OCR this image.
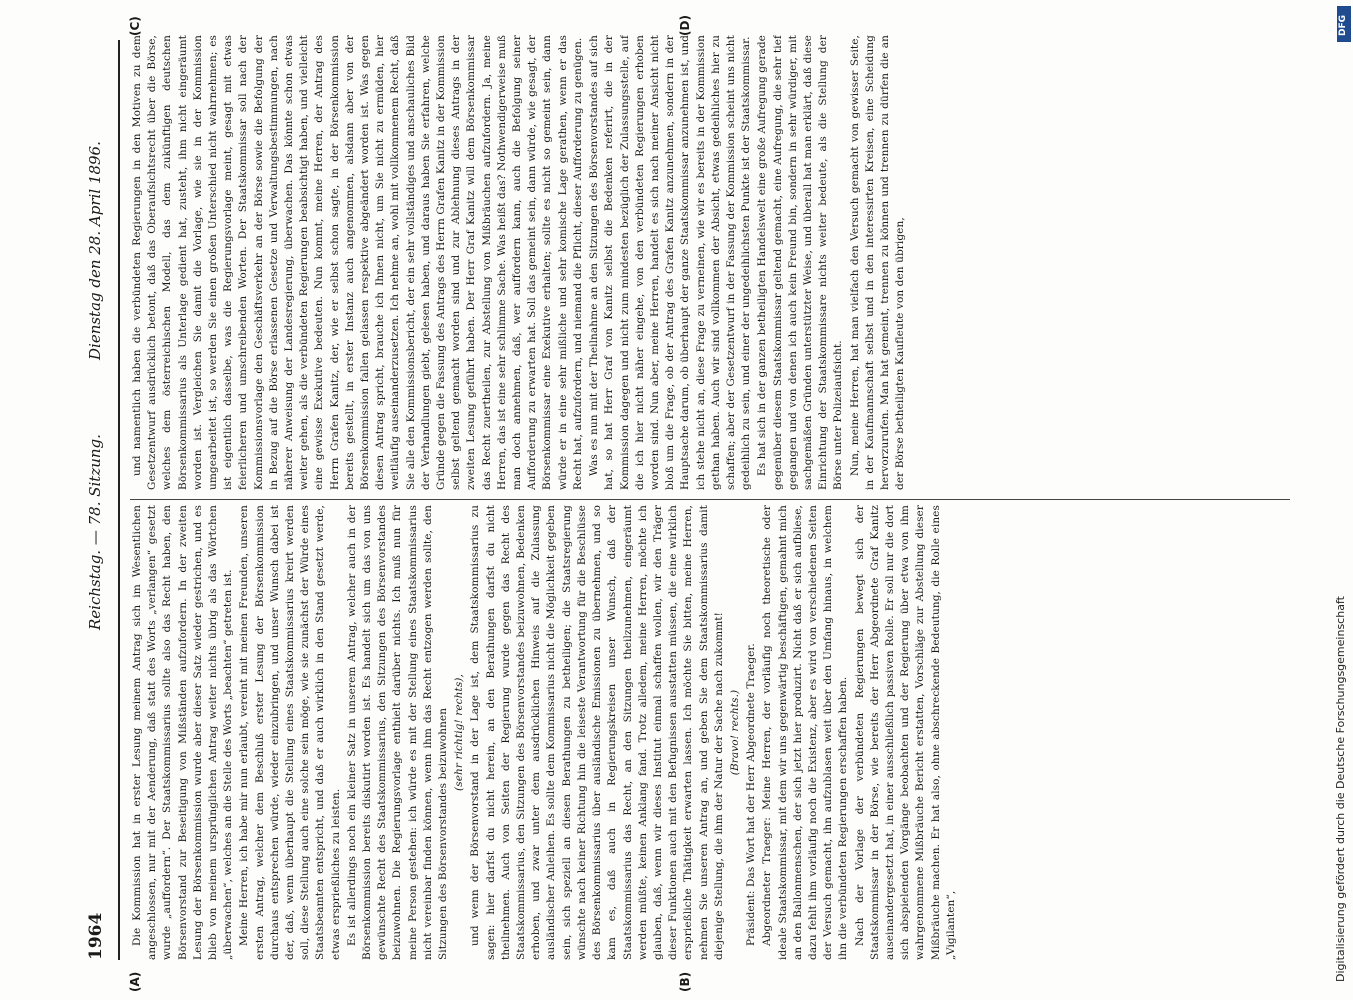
1964
Reichstag. — 78. Sitzung.
Dienstag den 28. April 1896.
(A)	(B)
(C)	(D)

Die Kommission hat in erster Lesung meinem Antrag sich im Wesentlichen angeschlossen, nur mit der Aenderung, daß statt des Worts „verlangen“ gesetzt wurde „auffordern“. Der Staatskommissarius sollte also das Recht haben, den Börsenvorstand zur Beseitigung von Mißständen aufzufordern. In der zweiten Lesung der Börsenkommission wurde aber dieser Satz wieder gestrichen, und es blieb von meinem ursprünglichen Antrag weiter nichts übrig als das Wörtchen „überwachen“, welches an die Stelle des Worts „beachten“ getreten ist. Meine Herren, ich habe mir nun erlaubt, vereint mit meinen Freunden, unseren ersten Antrag, welcher dem Beschluß erster Lesung der Börsenkommission durchaus entsprechen würde, wieder einzubringen, und unser Wunsch dabei ist der, daß, wenn überhaupt die Stellung eines Staatskommissarius kreirt werden soll, diese Stellung auch eine solche sein möge, wie sie zunächst der Würde eines Staatsbeamten entspricht, und daß er auch wirklich in den Stand gesetzt werde, etwas ersprießliches zu leisten. Es ist allerdings noch ein kleiner Satz in unserem Antrag, welcher auch in der Börsenkommission bereits diskutirt worden ist. Es handelt sich um das von uns gewünschte Recht des Staatskommissarius, den Sitzungen des Börsenvorstandes beizuwohnen. Die Regierungsvorlage enthielt darüber nichts. Ich muß nun für meine Person gestehen: ich würde es mit der Stellung eines Staatskommissarius nicht vereinbar finden können, wenn ihm das Recht entzogen werden sollte, den Sitzungen des Börsenvorstandes beizuwohnen (sehr richtig! rechts), und wenn der Börsenvorstand in der Lage ist, dem Staatskommissarius zu sagen: hier darfst du nicht herein, an den Berathungen darfst du nicht theilnehmen. Auch von Seiten der Regierung wurde gegen das Recht des Staatskommissarius, den Sitzungen des Börsenvorstandes beizuwohnen, Bedenken erhoben, und zwar unter dem ausdrücklichen Hinweis auf die Zulassung ausländischer Anleihen. Es sollte dem Kommissarius nicht die Möglichkeit gegeben sein, sich speziell an diesen Berathungen zu betheiligen; die Staatsregierung wünschte nach keiner Richtung hin die leiseste Verantwortung für die Beschlüsse des Börsenkommissarius über ausländische Emissionen zu übernehmen, und so kam es, daß auch in Regierungskreisen unser Wunsch, daß der Staatskommissarius das Recht, an den Sitzungen theilzunehmen, eingeräumt werden müßte, keinen Anklang fand. Trotz alledem, meine Herren, möchte ich glauben, daß, wenn wir dieses Institut einmal schaffen wollen, wir den Träger dieser Funktionen auch mit den Befugnissen ausstatten müssen, die eine wirklich ersprießliche Thätigkeit erwarten lassen. Ich möchte Sie bitten, meine Herren, nehmen Sie unseren Antrag an, und geben Sie dem Staatskommissarius damit diejenige Stellung, die ihm der Natur der Sache nach zukommt! (Bravo! rechts.) Präsident: Das Wort hat der Herr Abgeordnete Traeger. Abgeordneter Traeger: Meine Herren, der vorläufig noch theoretische oder ideale Staatskommissar, mit dem wir uns gegenwärtig beschäftigen, gemahnt mich an den Ballonmenschen, der sich jetzt hier produzirt. Nicht daß er sich aufbliese, dazu fehlt ihm vorläufig noch die Existenz, aber es wird von verschiedenen Seiten der Versuch gemacht, ihn aufzublasen weit über den Umfang hinaus, in welchem ihn die verbündeten Regierungen erschaffen haben. Nach der Vorlage der verbündeten Regierungen bewegt sich der Staatskommissar in der Börse, wie bereits der Herr Abgeordnete Graf Kanitz auseinandergesetzt hat, in einer ausschließlich passiven Rolle. Er soll nur die dort sich abspielenden Vorgänge beobachten und der Regierung über etwa von ihm wahrgenommene Mißbräuche Bericht erstatten, Vorschläge zur Abstellung dieser Mißbräuche machen. Er hat also, ohne abschreckende Bedeutung, die Rolle eines „Vigilanten“,

und namentlich haben die verbündeten Regierungen in den Motiven zu dem Gesetzentwurf ausdrücklich betont, daß das Oberaufsichtsrecht über die Börse, welches dem österreichischen Modell, das dem zukünftigen deutschen Börsenkommissarius als Unterlage gedient hat, zusteht, ihm nicht eingeräumt worden ist. Vergleichen Sie damit die Vorlage, wie sie in der Kommission umgearbeitet ist, so werden Sie einen großen Unterschied nicht wahrnehmen; es ist eigentlich dasselbe, was die Regierungsvorlage meint, gesagt mit etwas feierlicheren und umschreibenden Worten. Der Staatskommissar soll nach der Kommissionsvorlage den Geschäftsverkehr an der Börse sowie die Befolgung der in Bezug auf die Börse erlassenen Gesetze und Verwaltungsbestimmungen, nach näherer Anweisung der Landesregierung, überwachen. Das könnte schon etwas weiter gehen, als die verbündeten Regierungen beabsichtigt haben, und vielleicht eine gewisse Exekutive bedeuten. Nun kommt, meine Herren, der Antrag des Herrn Grafen Kanitz, der, wie er selbst schon sagte, in der Börsenkommission bereits gestellt, in erster Instanz auch angenommen, alsdann aber von der Börsenkommission fallen gelassen respektive abgeändert worden ist. Was gegen diesen Antrag spricht, brauche ich Ihnen nicht, um Sie nicht zu ermüden, hier weitläufig auseinanderzusetzen. Ich nehme an, wohl mit vollkommenem Recht, daß Sie alle den Kommissionsbericht, der ein sehr vollständiges und anschauliches Bild der Verhandlungen giebt, gelesen haben, und daraus haben Sie erfahren, welche Gründe gegen die Fassung des Antrags des Herrn Grafen Kanitz in der Kommission selbst geltend gemacht worden sind und zur Ablehnung dieses Antrags in der zweiten Lesung geführt haben. Der Herr Graf Kanitz will dem Börsenkommissar das Recht zuertheilen, zur Abstellung von Mißbräuchen aufzufordern. Ja, meine Herren, das ist eine sehr schlimme Sache. Was heißt das? Nothwendigerweise muß man doch annehmen, daß, wer auffordern kann, auch die Befolgung seiner Aufforderung zu erwarten hat. Soll das gemeint sein, dann würde, wie gesagt, der Börsenkommissar eine Exekutive erhalten; sollte es nicht so gemeint sein, dann würde er in eine sehr mißliche und sehr komische Lage gerathen, wenn er das Recht hat, aufzufordern, und niemand die Pflicht, dieser Aufforderung zu genügen. Was es nun mit der Theilnahme an den Sitzungen des Börsenvorstandes auf sich hat, so hat Herr Graf von Kanitz selbst die Bedenken referirt, die in der Kommission dagegen und nicht zum mindesten bezüglich der Zulassungsstelle, auf die ich hier nicht näher eingehe, von den verbündeten Regierungen erhoben worden sind. Nun aber, meine Herren, handelt es sich nach meiner Ansicht nicht bloß um die Frage, ob der Antrag des Grafen Kanitz anzunehmen, sondern in der Hauptsache darum, ob überhaupt der ganze Staatskommissar anzunehmen ist, und ich stehe nicht an, diese Frage zu verneinen, wie wir es bereits in der Kommission gethan haben. Auch wir sind vollkommen der Absicht, etwas gedeihliches hier zu schaffen; aber der Gesetzentwurf in der Fassung der Kommission scheint uns nicht gedeihlich zu sein, und einer der ungedeihlichsten Punkte ist der Staatskommissar. Es hat sich in der ganzen betheiligten Handelswelt eine große Aufregung gerade gegenüber diesem Staatskommissar geltend gemacht, eine Aufregung, die sehr tief gegangen und von denen ich auch kein Freund bin, sondern in sehr würdiger, mit sachgemäßen Gründen unterstützter Weise, und überall hat man erklärt, daß diese Einrichtung der Staatskommissare nichts weiter bedeute, als die Stellung der Börse unter Polizeiaufsicht. Nun, meine Herren, hat man vielfach den Versuch gemacht von gewisser Seite, in der Kaufmannschaft selbst und in den interessirten Kreisen, eine Scheidung hervorzurufen. Man hat gemeint, trennen zu können und trennen zu dürfen die an der Börse betheiligten Kaufleute von den übrigen,

DFG
Digitalisierung gefördert durch die Deutsche Forschungsgemeinschaft
